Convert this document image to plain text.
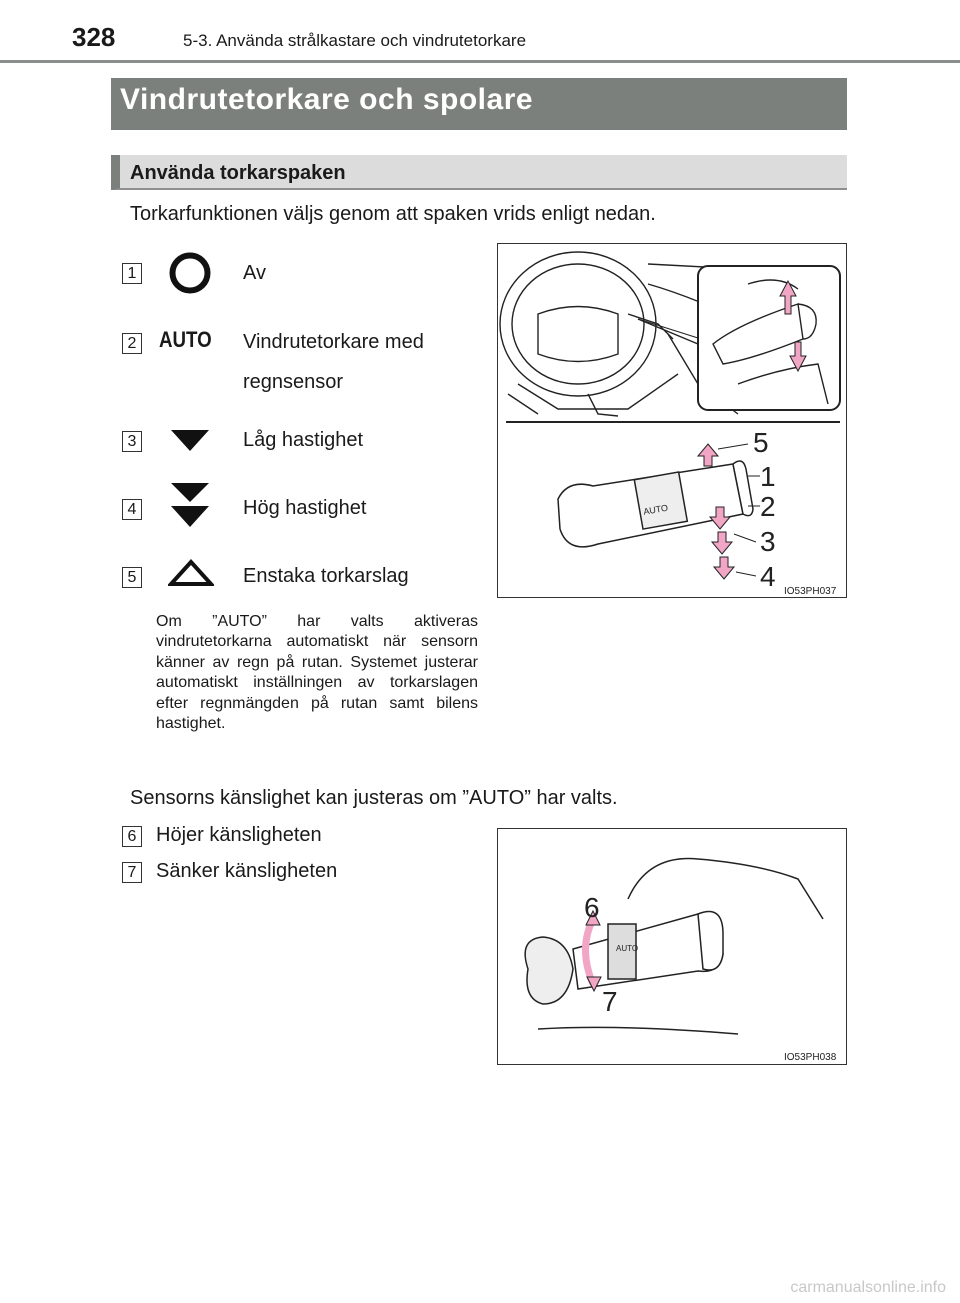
328	5-3. Använda strålkastare och vindrutetorkare
Vindrutetorkare och spolare
Använda torkarspaken
Torkarfunktionen väljs genom att spaken vrids enligt nedan.
1	Av
2 AUTO Vindrutetorkare med
regnsensor
3	Låg hastighet
4	Hög hastighet
5	Enstaka torkarslag
Om ”AUTO” har valts aktiveras vindrutetorkarna automatiskt när sensorn känner av regn på rutan. Systemet justerar automatiskt inställningen av torkarslagen efter regnmängden på rutan samt bilens hastighet.
AUTO
5
1
2
3
4 IO53PH037
Sensorns känslighet kan justeras om ”AUTO” har valts.
6 Höjer känsligheten
7 Sänker känsligheten
AUTO
6
7
IO53PH038
carmanualsonline.info
